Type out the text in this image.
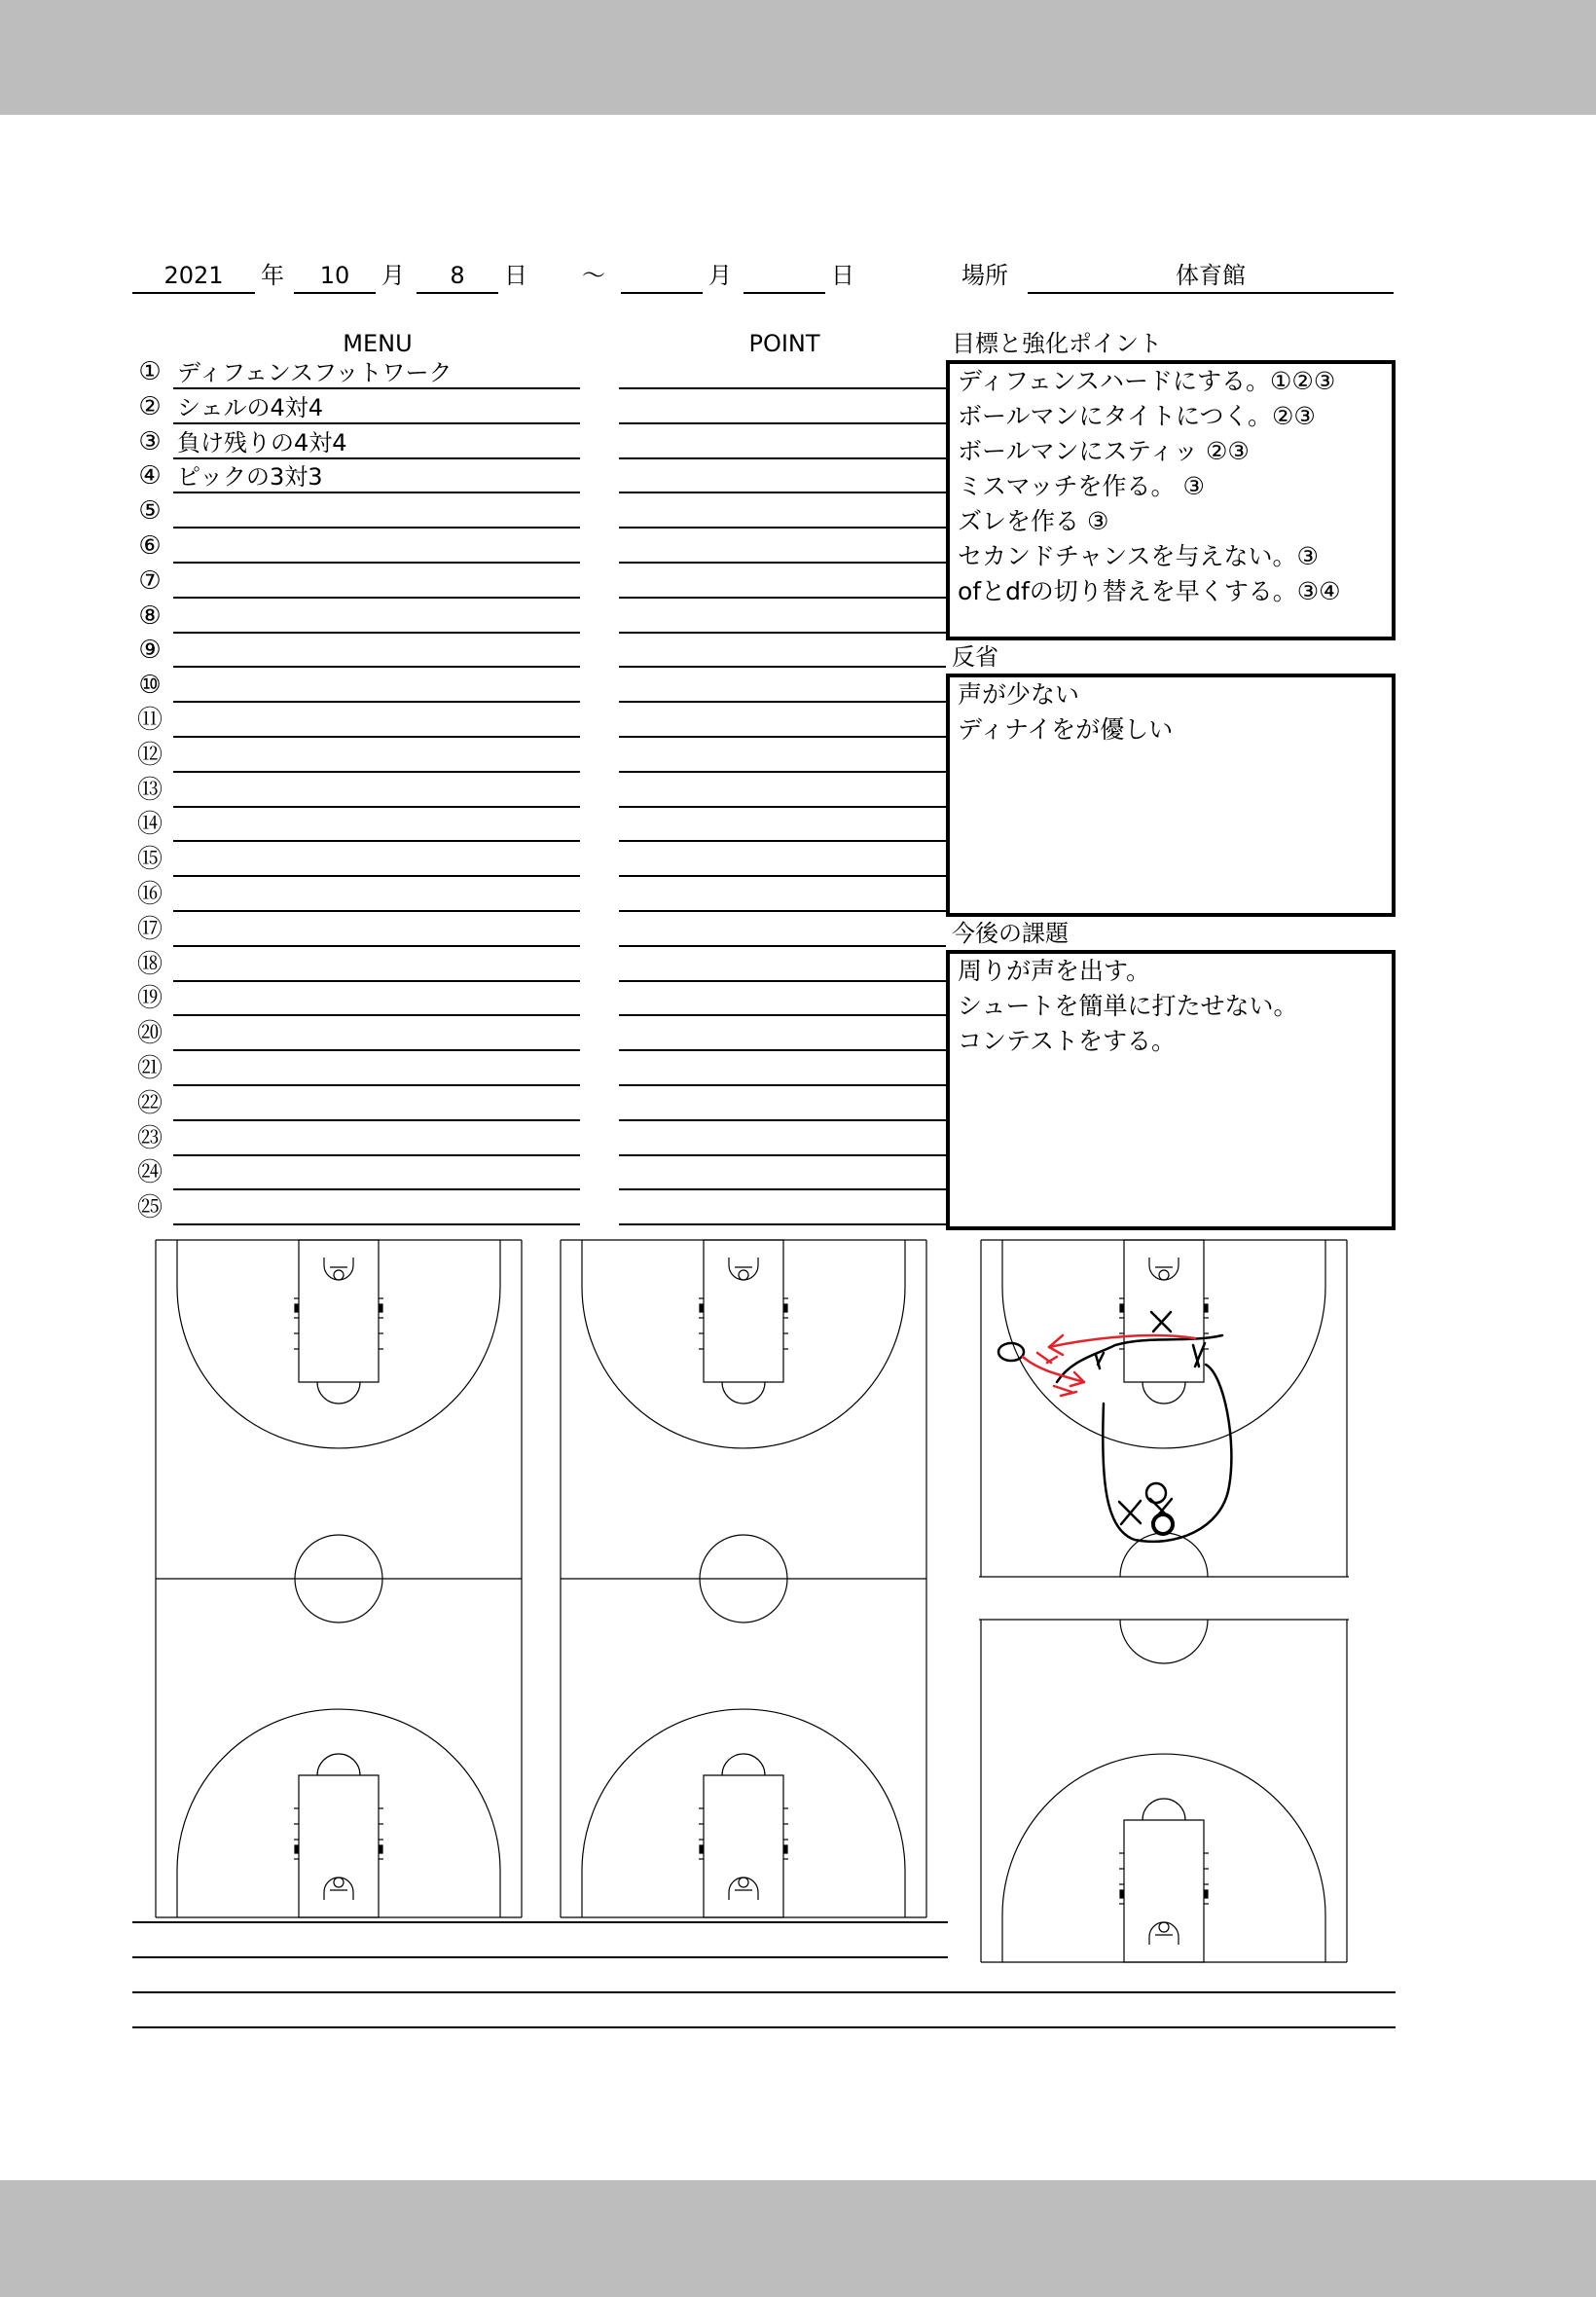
2021	年	10	月	8	日 ～	月	日	場所	体育館
MENU	POINT
① ディフェンスフットワーク
② シェルの4対4
③ 負け残りの4対4
④ ピックの3対3
⑤
⑥
⑦
⑧
⑨
⑩
⑪
⑫
⑬
⑭
⑮
⑯
⑰
⑱
⑲
⑳
㉑
㉒
㉓
㉔
㉕
目標と強化ポイント
ディフェンスハードにする。①②③
ボールマンにタイトにつく。②③
ボールマンにスティッ ②③
ミスマッチを作る。 ③
ズレを作る ③
セカンドチャンスを与えない。③
ofとdfの切り替えを早くする。③④
反省
声が少ない
ディナイをが優しい
今後の課題
周りが声を出す。
シュートを簡単に打たせない。
コンテストをする。
